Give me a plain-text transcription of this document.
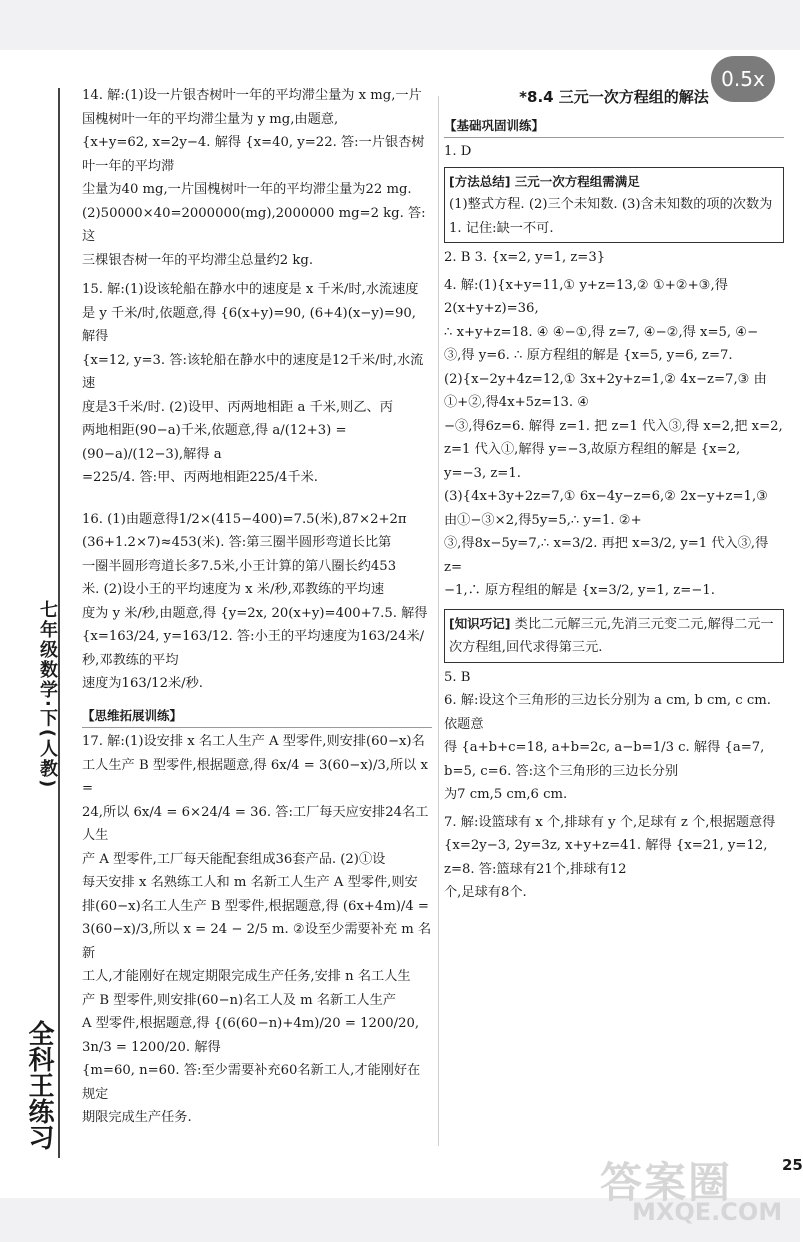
0.5x
七年级数学·下(人教)
全科王练习

14. 解:(1)设一片银杏树叶一年的平均滞尘量为 x mg,一片

国槐树叶一年的平均滞尘量为 y mg,由题意,

{x+y=62, x=2y−4. 解得 {x=40, y=22. 答:一片银杏树叶一年的平均滞

尘量为40 mg,一片国槐树叶一年的平均滞尘量为22 mg.

(2)50000×40=2000000(mg),2000000 mg=2 kg. 答:这

三棵银杏树一年的平均滞尘总量约2 kg.

15. 解:(1)设该轮船在静水中的速度是 x 千米/时,水流速度

是 y 千米/时,依题意,得 {6(x+y)=90, (6+4)(x−y)=90, 解得

{x=12, y=3. 答:该轮船在静水中的速度是12千米/时,水流速

度是3千米/时. (2)设甲、丙两地相距 a 千米,则乙、丙

两地相距(90−a)千米,依题意,得 a/(12+3) = (90−a)/(12−3),解得 a

=225/4. 答:甲、丙两地相距225/4千米.

16. (1)由题意得1/2×(415−400)=7.5(米),87×2+2π

(36+1.2×7)≈453(米). 答:第三圈半圆形弯道长比第

一圈半圆形弯道长多7.5米,小王计算的第八圈长约453

米. (2)设小王的平均速度为 x 米/秒,邓教练的平均速

度为 y 米/秒,由题意,得 {y=2x, 20(x+y)=400+7.5. 解得

{x=163/24, y=163/12. 答:小王的平均速度为163/24米/秒,邓教练的平均

速度为163/12米/秒.

【思维拓展训练】

17. 解:(1)设安排 x 名工人生产 A 型零件,则安排(60−x)名

工人生产 B 型零件,根据题意,得 6x/4 = 3(60−x)/3,所以 x =

24,所以 6x/4 = 6×24/4 = 36. 答:工厂每天应安排24名工人生

产 A 型零件,工厂每天能配套组成36套产品. (2)①设

每天安排 x 名熟练工人和 m 名新工人生产 A 型零件,则安

排(60−x)名工人生产 B 型零件,根据题意,得 (6x+4m)/4 =

3(60−x)/3,所以 x = 24 − 2/5 m. ②设至少需要补充 m 名新

工人,才能刚好在规定期限完成生产任务,安排 n 名工人生

产 B 型零件,则安排(60−n)名工人及 m 名新工人生产

A 型零件,根据题意,得 {(6(60−n)+4m)/20 = 1200/20, 3n/3 = 1200/20. 解得

{m=60, n=60. 答:至少需要补充60名新工人,才能刚好在规定

期限完成生产任务.

*8.4 三元一次方程组的解法

【基础巩固训练】

1. D

[方法总结] 三元一次方程组需满足

(1)整式方程. (2)三个未知数. (3)含未知数的项的次数为1. 记住:缺一不可.

2. B 3. {x=2, y=1, z=3}

4. 解:(1){x+y=11,① y+z=13,② ①+②+③,得2(x+y+z)=36,

∴ x+y+z=18. ④ ④−①,得 z=7, ④−②,得 x=5, ④−

③,得 y=6. ∴ 原方程组的解是 {x=5, y=6, z=7.

(2){x−2y+4z=12,① 3x+2y+z=1,② 4x−z=7,③ 由①+②,得4x+5z=13. ④

−③,得6z=6. 解得 z=1. 把 z=1 代入③,得 x=2,把 x=2,

z=1 代入①,解得 y=−3,故原方程组的解是 {x=2, y=−3, z=1.

(3){4x+3y+2z=7,① 6x−4y−z=6,② 2x−y+z=1,③ 由①−③×2,得5y=5,∴ y=1. ②+

③,得8x−5y=7,∴ x=3/2. 再把 x=3/2, y=1 代入③,得 z=

−1,∴ 原方程组的解是 {x=3/2, y=1, z=−1.

[知识巧记] 类比二元解三元,先消三元变二元,解得二元一次方程组,回代求得第三元.

5. B

6. 解:设这个三角形的三边长分别为 a cm, b cm, c cm. 依题意

得 {a+b+c=18, a+b=2c, a−b=1/3 c. 解得 {a=7, b=5, c=6. 答:这个三角形的三边长分别

为7 cm,5 cm,6 cm.

7. 解:设篮球有 x 个,排球有 y 个,足球有 z 个,根据题意得

{x=2y−3, 2y=3z, x+y+z=41. 解得 {x=21, y=12, z=8. 答:篮球有21个,排球有12

个,足球有8个.

答案圈
MXQE.COM
25
